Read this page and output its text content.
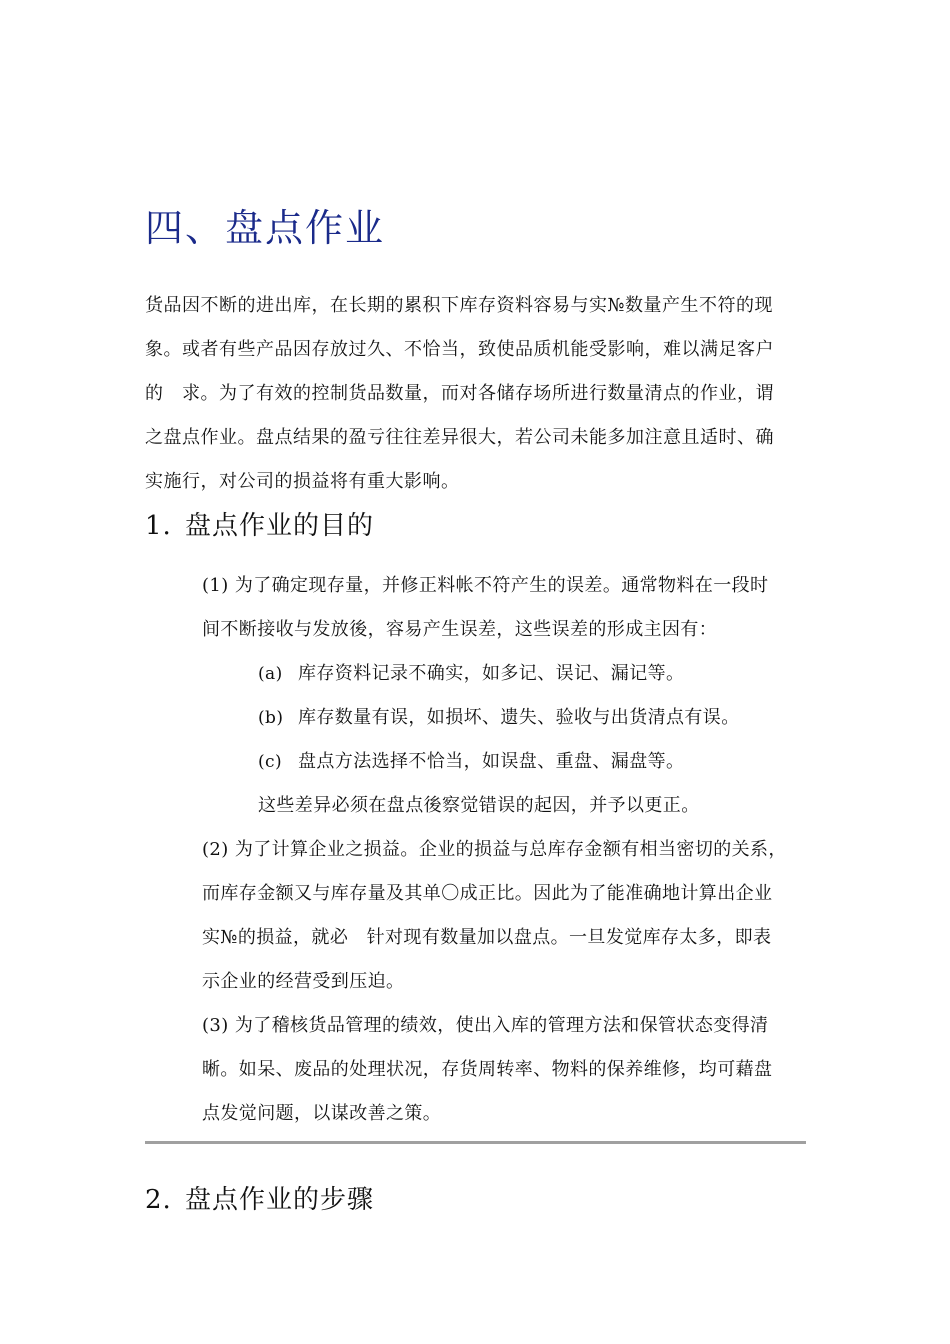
四、盘点作业
货品因不断的进出库，在长期的累积下库存资料容易与实№数量产生不符的现
象。或者有些产品因存放过久、不恰当，致使品质机能受影响，难以满足客户
的　求。为了有效的控制货品数量，而对各储存场所进行数量清点的作业，谓
之盘点作业。盘点结果的盈亏往往差异很大，若公司未能多加注意且适时、确
实施行，对公司的损益将有重大影响。
1. 盘点作业的目的
(1) 为了确定现存量，并修正料帐不符产生的误差。通常物料在一段时
间不断接收与发放後，容易产生误差，这些误差的形成主因有：
(a) 库存资料记录不确实，如多记、误记、漏记等。
(b) 库存数量有误，如损坏、遗失、验收与出货清点有误。
(c) 盘点方法选择不恰当，如误盘、重盘、漏盘等。
这些差异必须在盘点後察觉错误的起因，并予以更正。
(2) 为了计算企业之损益。企业的损益与总库存金额有相当密切的关系，
而库存金额又与库存量及其单〇成正比。因此为了能准确地计算出企业
实№的损益，就必　针对现有数量加以盘点。一旦发觉库存太多，即表
示企业的经营受到压迫。
(3) 为了稽核货品管理的绩效，使出入库的管理方法和保管状态变得清
晰。如呆、废品的处理状况，存货周转率、物料的保养维修，均可藉盘
点发觉问题，以谋改善之策。
2. 盘点作业的步骤
